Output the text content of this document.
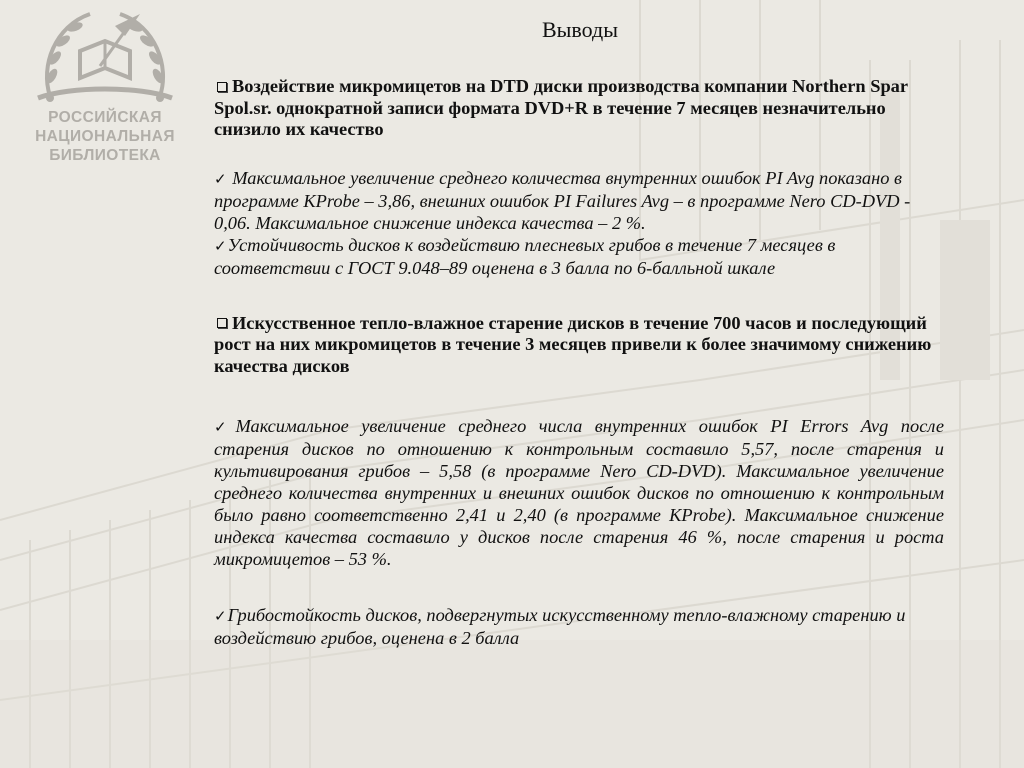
РОССИЙСКАЯ
НАЦИОНАЛЬНАЯ
БИБЛИОТЕКА
Выводы

Воздействие микромицетов на DTD диски производства компании Northern Spar Spol.sr. однократной записи формата DVD+R в течение 7 месяцев незначительно снизило их качество

✓ Максимальное увеличение среднего количества внутренних ошибок PI Avg показано в программе KProbe – 3,86, внешних ошибок PI Failures Avg – в программе Nero CD-DVD - 0,06. Максимальное снижение индекса качества – 2 %.

✓Устойчивость дисков к воздействию плесневых грибов в течение 7 месяцев в соответствии с ГОСТ 9.048–89 оценена в 3 балла по 6-балльной шкале

Искусственное тепло-влажное старение дисков в течение 700 часов и последующий рост на них микромицетов в течение 3 месяцев привели к более значимому снижению качества дисков

✓Максимальное увеличение среднего числа внутренних ошибок PI Errors Avg после старения дисков по отношению к контрольным составило 5,57, после старения и культивирования грибов – 5,58 (в программе Nero CD-DVD). Максимальное увеличение среднего количества внутренних и внешних ошибок дисков по отношению к контрольным было равно соответственно 2,41 и 2,40 (в программе KProbe). Максимальное снижение индекса качества составило у дисков после старения 46 %, после старения и роста микромицетов – 53 %.

✓Грибостойкость дисков, подвергнутых искусственному тепло-влажному старению и воздействию грибов, оценена в 2 балла
